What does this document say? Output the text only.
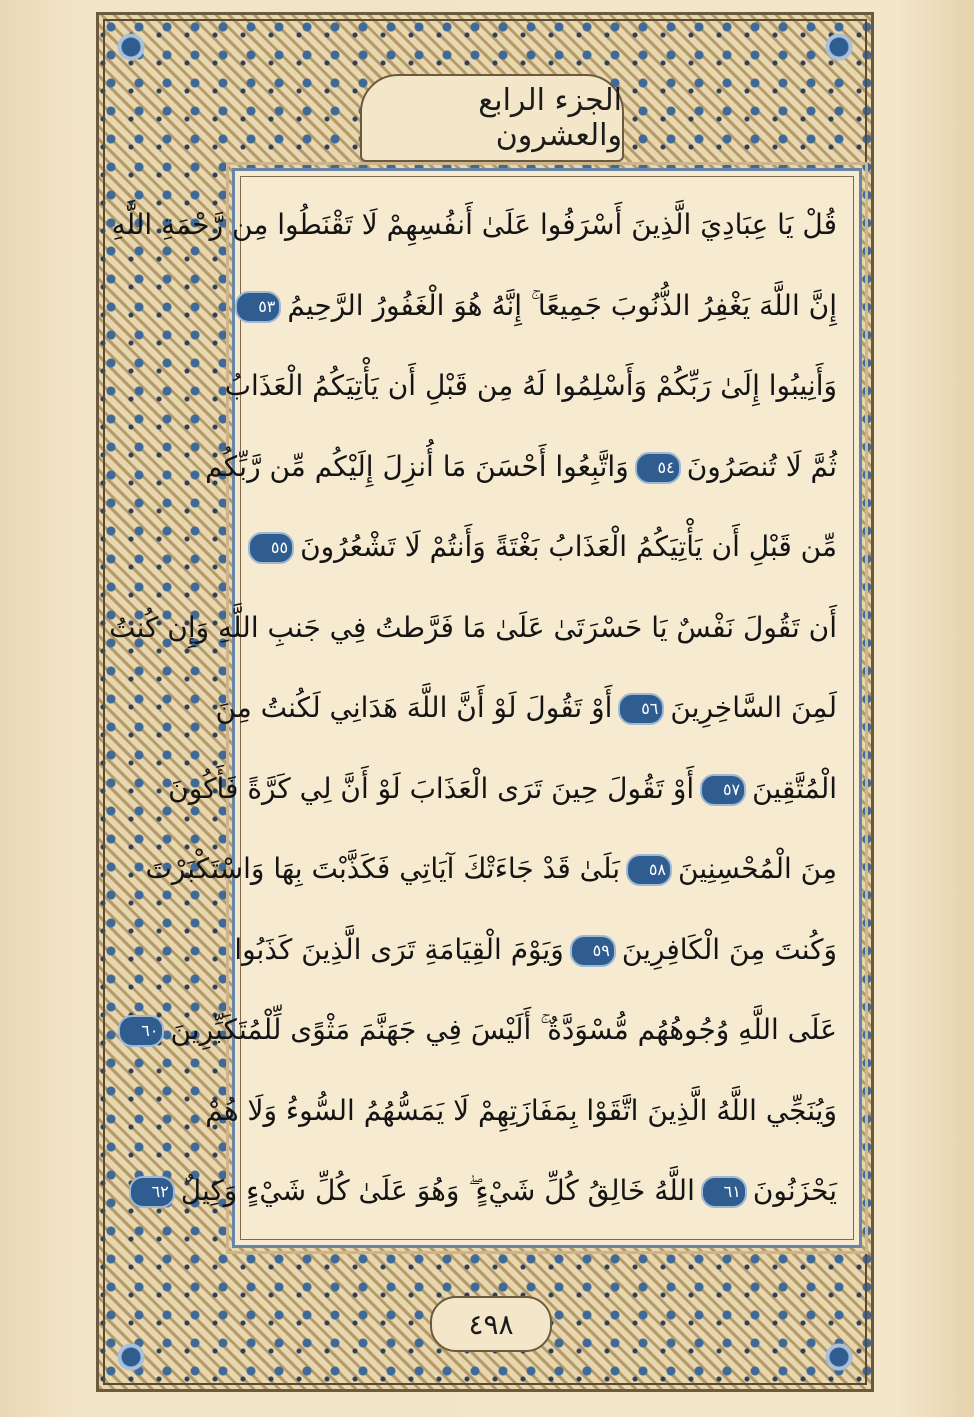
الجزء الرابع والعشرون
قُلْ يَا عِبَادِيَ الَّذِينَ أَسْرَفُوا عَلَىٰ أَنفُسِهِمْ لَا تَقْنَطُوا مِن رَّحْمَةِ اللَّهِ
إِنَّ اللَّهَ يَغْفِرُ الذُّنُوبَ جَمِيعًا ۚ إِنَّهُ هُوَ الْغَفُورُ الرَّحِيمُ٥٣
وَأَنِيبُوا إِلَىٰ رَبِّكُمْ وَأَسْلِمُوا لَهُ مِن قَبْلِ أَن يَأْتِيَكُمُ الْعَذَابُ
ثُمَّ لَا تُنصَرُونَ٥٤وَاتَّبِعُوا أَحْسَنَ مَا أُنزِلَ إِلَيْكُم مِّن رَّبِّكُم
مِّن قَبْلِ أَن يَأْتِيَكُمُ الْعَذَابُ بَغْتَةً وَأَنتُمْ لَا تَشْعُرُونَ٥٥
أَن تَقُولَ نَفْسٌ يَا حَسْرَتَىٰ عَلَىٰ مَا فَرَّطتُ فِي جَنبِ اللَّهِ وَإِن كُنتُ
لَمِنَ السَّاخِرِينَ٥٦أَوْ تَقُولَ لَوْ أَنَّ اللَّهَ هَدَانِي لَكُنتُ مِنَ
الْمُتَّقِينَ٥٧أَوْ تَقُولَ حِينَ تَرَى الْعَذَابَ لَوْ أَنَّ لِي كَرَّةً فَأَكُونَ
مِنَ الْمُحْسِنِينَ٥٨بَلَىٰ قَدْ جَاءَتْكَ آيَاتِي فَكَذَّبْتَ بِهَا وَاسْتَكْبَرْتَ
وَكُنتَ مِنَ الْكَافِرِينَ٥٩وَيَوْمَ الْقِيَامَةِ تَرَى الَّذِينَ كَذَبُوا
عَلَى اللَّهِ وُجُوهُهُم مُّسْوَدَّةٌ ۚ أَلَيْسَ فِي جَهَنَّمَ مَثْوًى لِّلْمُتَكَبِّرِينَ٦٠
وَيُنَجِّي اللَّهُ الَّذِينَ اتَّقَوْا بِمَفَازَتِهِمْ لَا يَمَسُّهُمُ السُّوءُ وَلَا هُمْ
يَحْزَنُونَ٦١اللَّهُ خَالِقُ كُلِّ شَيْءٍ ۖ وَهُوَ عَلَىٰ كُلِّ شَيْءٍ وَكِيلٌ٦٢
٤٩٨
